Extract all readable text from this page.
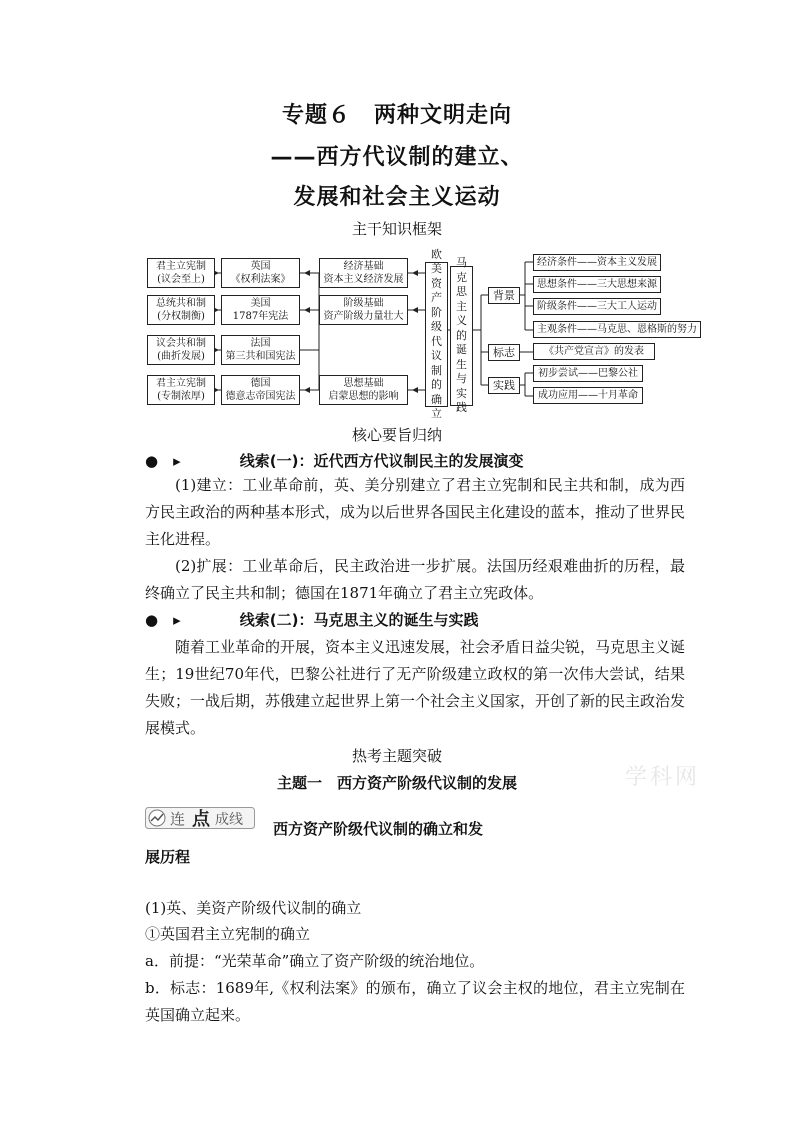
专题６　两种文明走向
——西方代议制的建立、
发展和社会主义运动
主干知识框架
君主立宪制
(议会至上)
总统共和制
(分权制衡)
议会共和制
(曲折发展)
君主立宪制
(专制浓厚)
英国
《权利法案》
美国
1787年宪法
法国
第三共和国宪法
德国
德意志帝国宪法
经济基础
资本主义经济发展
阶级基础
资产阶级力量壮大
思想基础
启蒙思想的影响
欧美资产阶级代议制的确立
马克思主义的诞生与实践
背景
标志
实践
经济条件——资本主义发展
思想条件——三大思想来源
阶级条件——三大工人运动
主观条件——马克思、恩格斯的努力
《共产党宣言》的发表
初步尝试——巴黎公社
成功应用——十月革命
核心要旨归纳
●　▸	线索(一)：近代西方代议制民主的发展演变
(1)建立：工业革命前，英、美分别建立了君主立宪制和民主共和制，成为西方民主政治的两种基本形式，成为以后世界各国民主化建设的蓝本，推动了世界民主化进程。
(2)扩展：工业革命后，民主政治进一步扩展。法国历经艰难曲折的历程，最终确立了民主共和制；德国在1871年确立了君主立宪政体。
●　▸	线索(二)：马克思主义的诞生与实践
随着工业革命的开展，资本主义迅速发展，社会矛盾日益尖锐，马克思主义诞生；19世纪70年代，巴黎公社进行了无产阶级建立政权的第一次伟大尝试，结果失败；一战后期，苏俄建立起世界上第一个社会主义国家，开创了新的民主政治发展模式。
热考主题突破
主题一　西方资产阶级代议制的发展	学科网
连 点 成线 西方资产阶级代议制的确立和发
展历程
(1)英、美资产阶级代议制的确立
①英国君主立宪制的确立
a．前提：“光荣革命”确立了资产阶级的统治地位。
b．标志：1689年,《权利法案》的颁布，确立了议会主权的地位，君主立宪制在英国确立起来。
